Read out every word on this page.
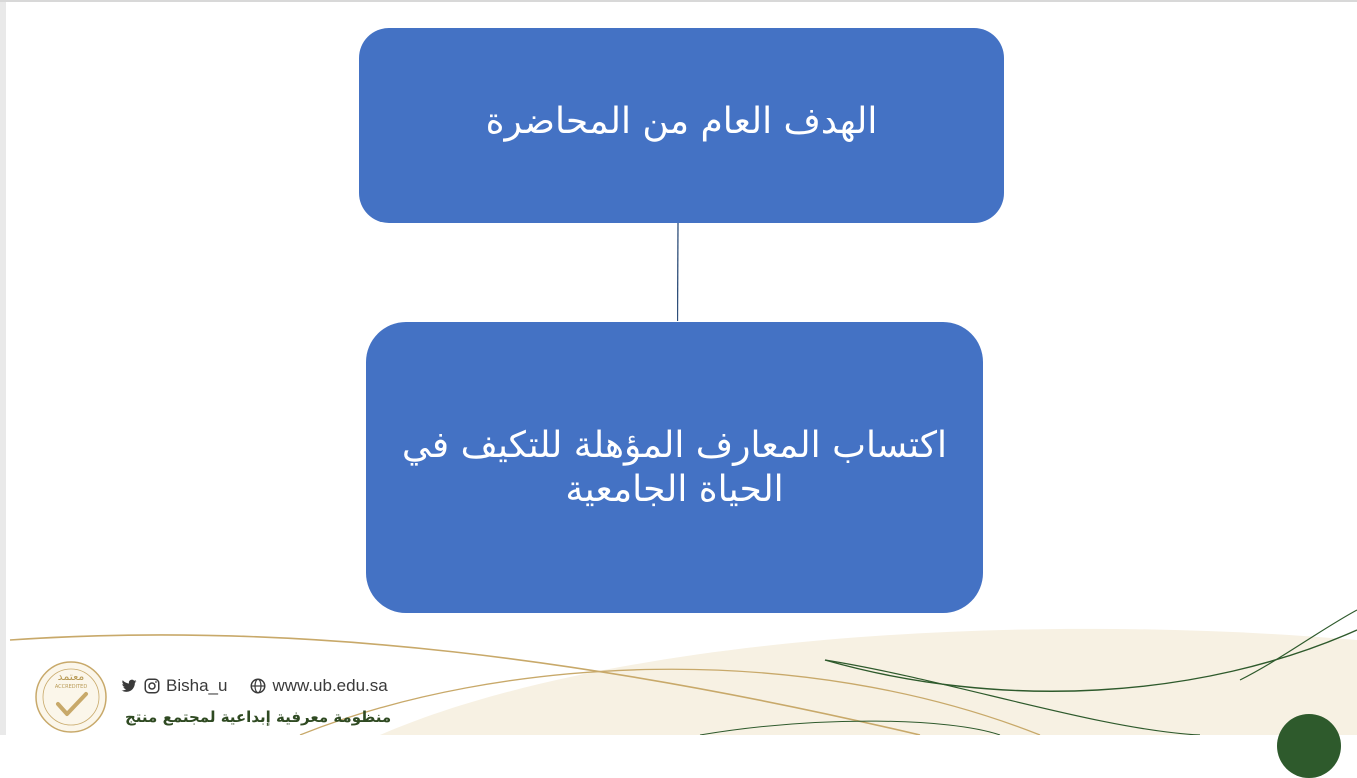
الهدف العام من المحاضرة
اكتساب المعارف المؤهلة للتكيف في الحياة الجامعية
معتمد
ACCREDITED	Bisha_u	www.ub.edu.sa
منظومة معرفية إبداعية لمجتمع منتج
